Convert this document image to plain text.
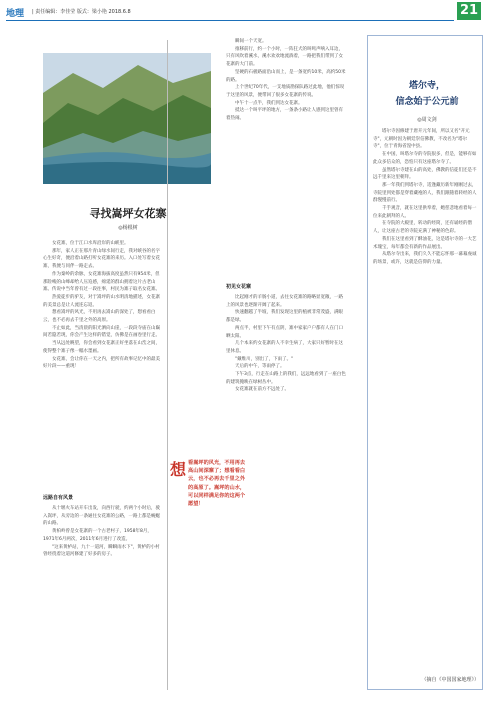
地理 | 责任编辑：李佳莹 版式：梁小艳 2018.6.8	21
寻找嵩坪女花寨
◎杨根树

女花寨，位于江口水库沿岸的山峡里。

那年，家人正在那片青山绿水间行走，我对峡谷的名字心生好奇，便沿着山路打听女花寨的来历。入口处写着女花寨，我便与同伴一路走去。

作为秦岭的余脉，女花寨海拔高度虽然只有954米，但那险峻的山峰却给人压迫感，绵延的群山拥着这片古老山寨。传说中当年曾有过一段往事，村民为寨子取名女花寨。

热爱徒步的驴友，对于嵩坪的山水明清地描述，女花寨的美景总是让人流连忘返。

想看嵩坪的风光，不用再去嵩山的深处了，想看看白云，也不必再去千里之外的高原。

不止如此，当清晨的阳光洒向山崖，一段段寺庙在山巅间若隐若现，你会产生这样的错觉，仿佛是在画卷里行走。

当从远处眺望，你会看到女花寨正好坐落在山峦之间，使得整个寨子像一幅水墨画。

女花寨，会让你在一天之内，把所有故事记忆中的最美好片段——重现！

远路自有风景

从十堰火车站开车出发，向西行驶，约两个小时后，驶入嵩坪，从旁边的一条通往女花寨的公路，一路上都是蜿蜒的山路。

黄柏岭曾是女花寨的一个古老村子，1958年8月，1971年6月两次，2011年6月进行了改造。

"这来黄栌站，九十一道河，瞬瞬雨水下"，黄栌的小村曾经绕着这道河修建了好多的房子。

想 看嵩坪的风光，不用再去高山间深寨了；想看看白云，也不必再去千里之外的高原了。嵩坪的山水，可以同样满足你的这两个愿望！

瞬间一个天宽。

推移前行，约一个小时，一阵狂犬的叫鸣声响入耳边，只有风吹着溪水，溪水欢欢地流淌着，一路把我们带到了女花寨的大门前。

坚硬的石板路面沿山而上，是一条宽约10米，高约50米的路。

上个世纪70年代，一支地质勘探队路过此地，他们惊叹于这里的风景，便带回了很多女花寨的传说。

中午十一点半，我们到达女花寨。

抵达一个叫平坪的地方，一条条小路让人感到这里曾有着热闹。

初见女花寨

比起刚才的羊肠小道，去往女花寨的路略显宽敞，一路上的风景也逐渐开阔了起来。

快速翻越了半坡，我们发现这里的植被非常茂盛，满眼都是绿。

两点半，村里下午有点阴，寨中家家户户都有人在门口晒太阳。

几个本来约女花寨的人不幸生病了，大家只好暂时在这里休息。

"戴维川，别出了，下雨了。"

天后的中午，等雨停了。

下午3点，行走在山路上的我们，远远地看到了一座白色的建筑掩映在绿树丛中。

女花寨就在前方不远处了。

塔尔寺，
信念始于公元前
◎周文剑

塔尔寺因修建于唐开元年间，所以又名"开元寺"，元朝时因为朝廷崇信佛教，不改名为"塔尔寺"，位于青海省湟中县。

在中国，叫塔尔寺的寺院很多，但是，能够有如此众多信众的，恐怕只有这座塔尔寺了。

虽然塔尔寺建在山的高处，佛教的信徒们还是不远千里来这里朝拜。

那一年我们到塔尔寺，适逢藏历新年刚刚过去，寺院里到处都是穿着藏袍的人，我们跟随着转经的人群慢慢前行。

千手观音，就在这里供奉着，她慈悲地看着每一位来此朝拜的人。

在寺院的大殿里，转动的经筒，还有诵经的僧人，让这座古老的寺院充满了神秘的色彩。

我们在这里看到了酥油花，这是塔尔寺的一大艺术瑰宝，每年都会有新的作品展出。

从塔尔寺出来，我们久久不能忘怀那一幕幕虔诚的场景，或许，这就是信仰的力量。

（摘自《中国国家地理》）
